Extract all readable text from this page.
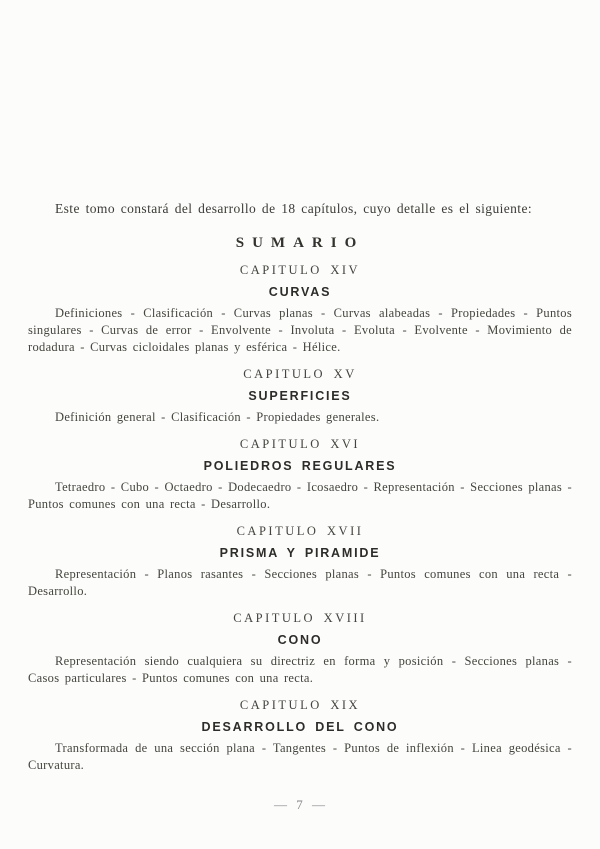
Este tomo constará del desarrollo de 18 capítulos, cuyo detalle es el siguiente:

SUMARIO
CAPITULO XIV
CURVAS

Definiciones - Clasificación - Curvas planas - Curvas alabeadas - Propiedades - Puntos singulares - Curvas de error - Envolvente - Involuta - Evoluta - Evolvente - Movimiento de rodadura - Curvas cicloidales planas y esférica - Hélice.

CAPITULO XV
SUPERFICIES

Definición general - Clasificación - Propiedades generales.

CAPITULO XVI
POLIEDROS REGULARES

Tetraedro - Cubo - Octaedro - Dodecaedro - Icosaedro - Representación - Secciones planas - Puntos comunes con una recta - Desarrollo.

CAPITULO XVII
PRISMA Y PIRAMIDE

Representación - Planos rasantes - Secciones planas - Puntos comunes con una recta - Desarrollo.

CAPITULO XVIII
CONO

Representación siendo cualquiera su directriz en forma y posición - Secciones planas - Casos particulares - Puntos comunes con una recta.

CAPITULO XIX
DESARROLLO DEL CONO

Transformada de una sección plana - Tangentes - Puntos de inflexión - Linea geodésica - Curvatura.

— 7 —
